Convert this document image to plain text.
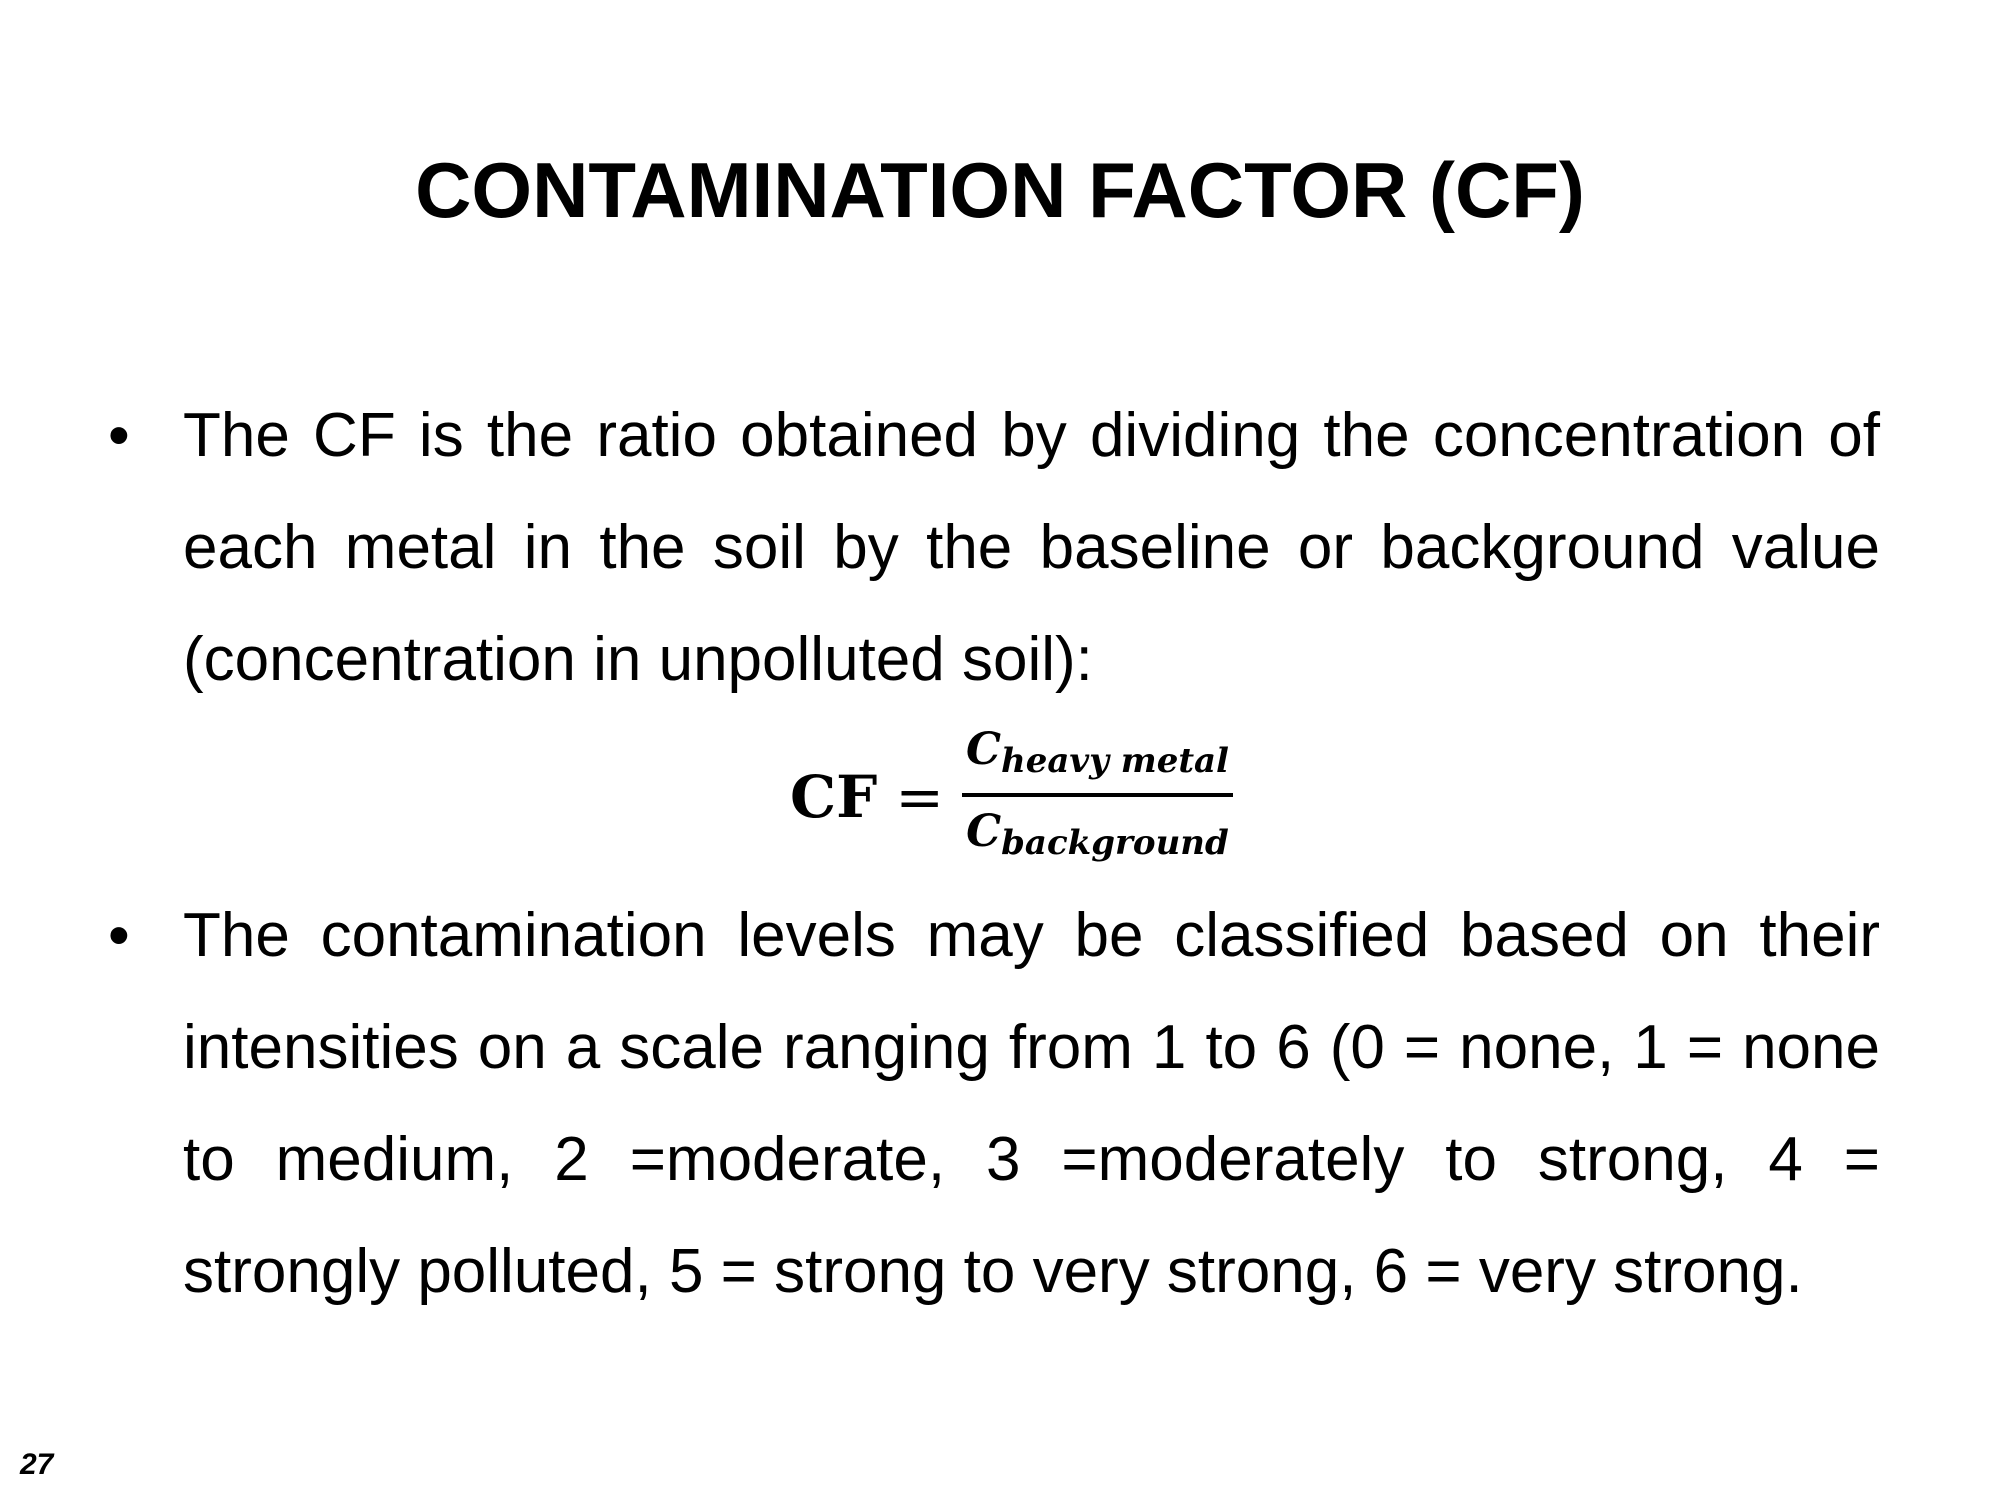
CONTAMINATION FACTOR (CF)
• The CF is the ratio obtained by dividing the concentration of each metal in the soil by the baseline or background value (concentration in unpolluted soil):
CF = $\frac{\text{Cheavy metal}}{\text{Cbackground}}$
• The contamination levels may be classified based on their intensities on a scale ranging from 1 to 6 (0 = none, 1 = none to medium, 2 =moderate, 3 =moderately to strong, 4 = strongly polluted, 5 = strong to very strong, 6 = very strong.
27
